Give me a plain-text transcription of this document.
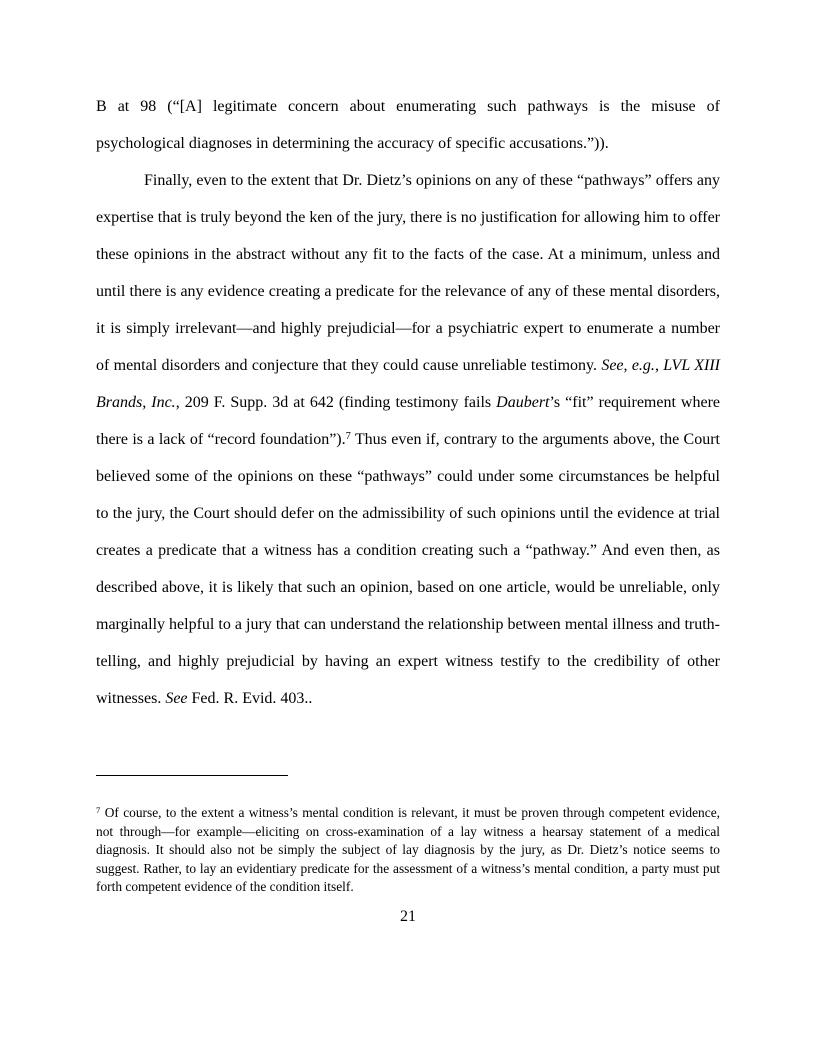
B at 98 (“[A] legitimate concern about enumerating such pathways is the misuse of psychological diagnoses in determining the accuracy of specific accusations.”)).

Finally, even to the extent that Dr. Dietz’s opinions on any of these “pathways” offers any expertise that is truly beyond the ken of the jury, there is no justification for allowing him to offer these opinions in the abstract without any fit to the facts of the case. At a minimum, unless and until there is any evidence creating a predicate for the relevance of any of these mental disorders, it is simply irrelevant—and highly prejudicial—for a psychiatric expert to enumerate a number of mental disorders and conjecture that they could cause unreliable testimony. See, e.g., LVL XIII Brands, Inc., 209 F. Supp. 3d at 642 (finding testimony fails Daubert’s “fit” requirement where there is a lack of “record foundation”).$^7$ Thus even if, contrary to the arguments above, the Court believed some of the opinions on these “pathways” could under some circumstances be helpful to the jury, the Court should defer on the admissibility of such opinions until the evidence at trial creates a predicate that a witness has a condition creating such a “pathway.” And even then, as described above, it is likely that such an opinion, based on one article, would be unreliable, only marginally helpful to a jury that can understand the relationship between mental illness and truth-telling, and highly prejudicial by having an expert witness testify to the credibility of other witnesses. See Fed. R. Evid. 403..

$^7$ Of course, to the extent a witness’s mental condition is relevant, it must be proven through competent evidence, not through—for example—eliciting on cross-examination of a lay witness a hearsay statement of a medical diagnosis. It should also not be simply the subject of lay diagnosis by the jury, as Dr. Dietz’s notice seems to suggest. Rather, to lay an evidentiary predicate for the assessment of a witness’s mental condition, a party must put forth competent evidence of the condition itself.

21
